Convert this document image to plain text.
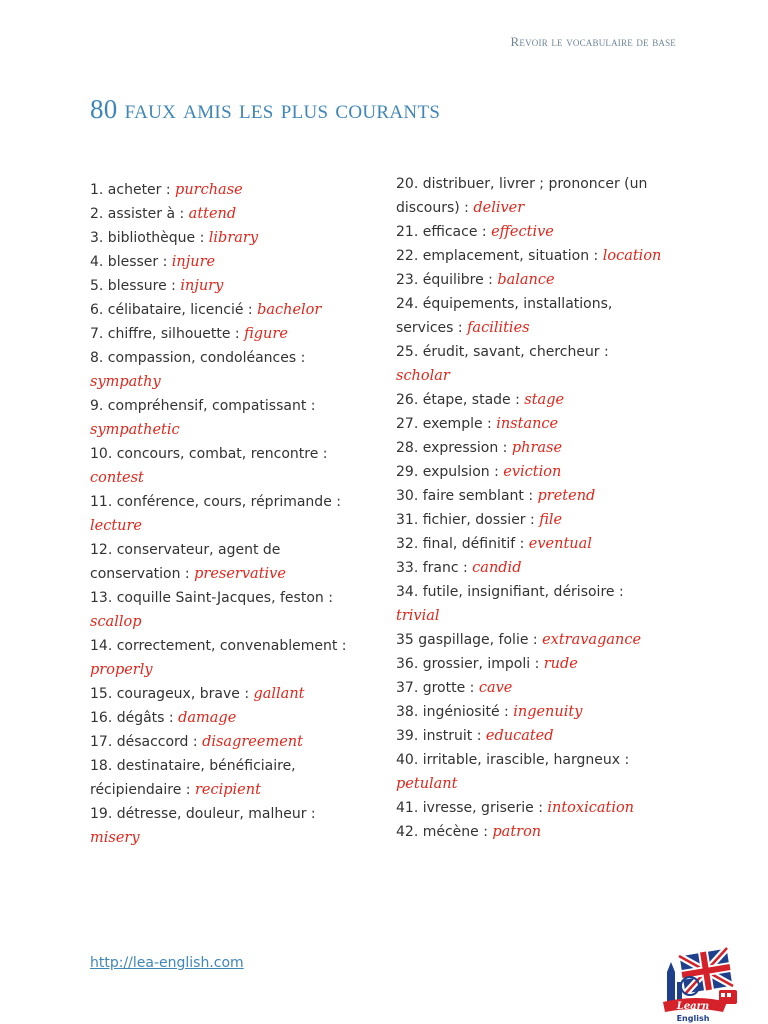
Revoir le vocabulaire de base
80 faux amis les plus courants
1. acheter : purchase
2. assister à : attend
3. bibliothèque : library
4. blesser : injure
5. blessure : injury
6. célibataire, licencié : bachelor
7. chiffre, silhouette : figure
8. compassion, condoléances : sympathy
9. compréhensif, compatissant : sympathetic
10. concours, combat, rencontre : contest
11. conférence, cours, réprimande : lecture
12. conservateur, agent de conservation : preservative
13. coquille Saint-Jacques, feston : scallop
14. correctement, convenablement : properly
15. courageux, brave : gallant
16. dégâts : damage
17. désaccord : disagreement
18. destinataire, bénéficiaire, récipiendaire : recipient
19. détresse, douleur, malheur : misery
20. distribuer, livrer ; prononcer (un discours) : deliver
21. efficace : effective
22. emplacement, situation : location
23. équilibre : balance
24. équipements, installations, services : facilities
25. érudit, savant, chercheur : scholar
26. étape, stade : stage
27. exemple : instance
28. expression : phrase
29. expulsion : eviction
30. faire semblant : pretend
31. fichier, dossier : file
32. final, définitif : eventual
33. franc : candid
34. futile, insignifiant, dérisoire : trivial
35 gaspillage, folie : extravagance
36. grossier, impoli : rude
37. grotte : cave
38. ingéniosité : ingenuity
39. instruit : educated
40. irritable, irascible, hargneux : petulant
41. ivresse, griserie : intoxication
42. mécène : patron
http://lea-english.com
Learn
English
